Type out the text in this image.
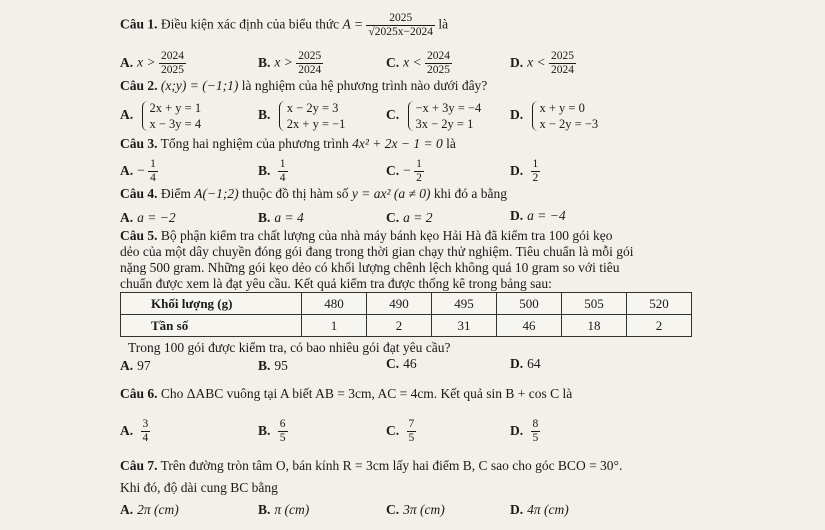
Câu 1. Điều kiện xác định của biểu thức $A = \frac{2025}{√2025x-2024}$ là
A. $x > \frac{2024}{2025}$	B. $x > \frac{2025}{2024}$	C. $x < \frac{2024}{2025}$	D. $x < \frac{2025}{2024}$
Câu 2. (x;y) = (−1;1) là nghiệm của hệ phương trình nào dưới đây?
A. 2x + y = 1
x − 3y = 4
B. x − 2y = 3
2x + y = −1
C. −x + 3y = −4
3x − 2y = 1
D. x + y = 0
x − 2y = −3
Câu 3. Tổng hai nghiệm của phương trình 4x² + 2x − 1 = 0 là
A. − $\frac{1}{4}$	B. $\frac{1}{4}$	C. − $\frac{1}{2}$	D. $\frac{1}{2}$
Câu 4. Điểm A(−1;2) thuộc đồ thị hàm số y = ax² (a ≠ 0) khi đó a bằng
A. a = −2	B. a = 4	C. a = 2	D. a = −4
Câu 5. Bộ phận kiểm tra chất lượng của nhà máy bánh kẹo Hải Hà đã kiểm tra 100 gói kẹo
dẻo của một dây chuyền đóng gói đang trong thời gian chạy thử nghiệm. Tiêu chuẩn là mỗi gói
nặng 500 gram. Những gói kẹo dẻo có khối lượng chênh lệch không quá 10 gram so với tiêu
chuẩn được xem là đạt yêu cầu. Kết quả kiểm tra được thống kê trong bảng sau:
Khối lượng (g)	480	490	495	500	505	520
Tần số	1	2	31	46	18	2
Trong 100 gói được kiểm tra, có bao nhiêu gói đạt yêu cầu?
A. 97	B. 95	C. 46	D. 64
Câu 6. Cho ΔABC vuông tại A biết AB = 3cm, AC = 4cm. Kết quả sin B + cos C là
A. $\frac{3}{4}$	B. $\frac{6}{5}$	C. $\frac{7}{5}$	D. $\frac{8}{5}$
Câu 7. Trên đường tròn tâm O, bán kính R = 3cm lấy hai điểm B, C sao cho góc BCO = 30°.
Khi đó, độ dài cung BC bằng
A. 2π (cm)	B. π (cm)	C. 3π (cm)	D. 4π (cm)
